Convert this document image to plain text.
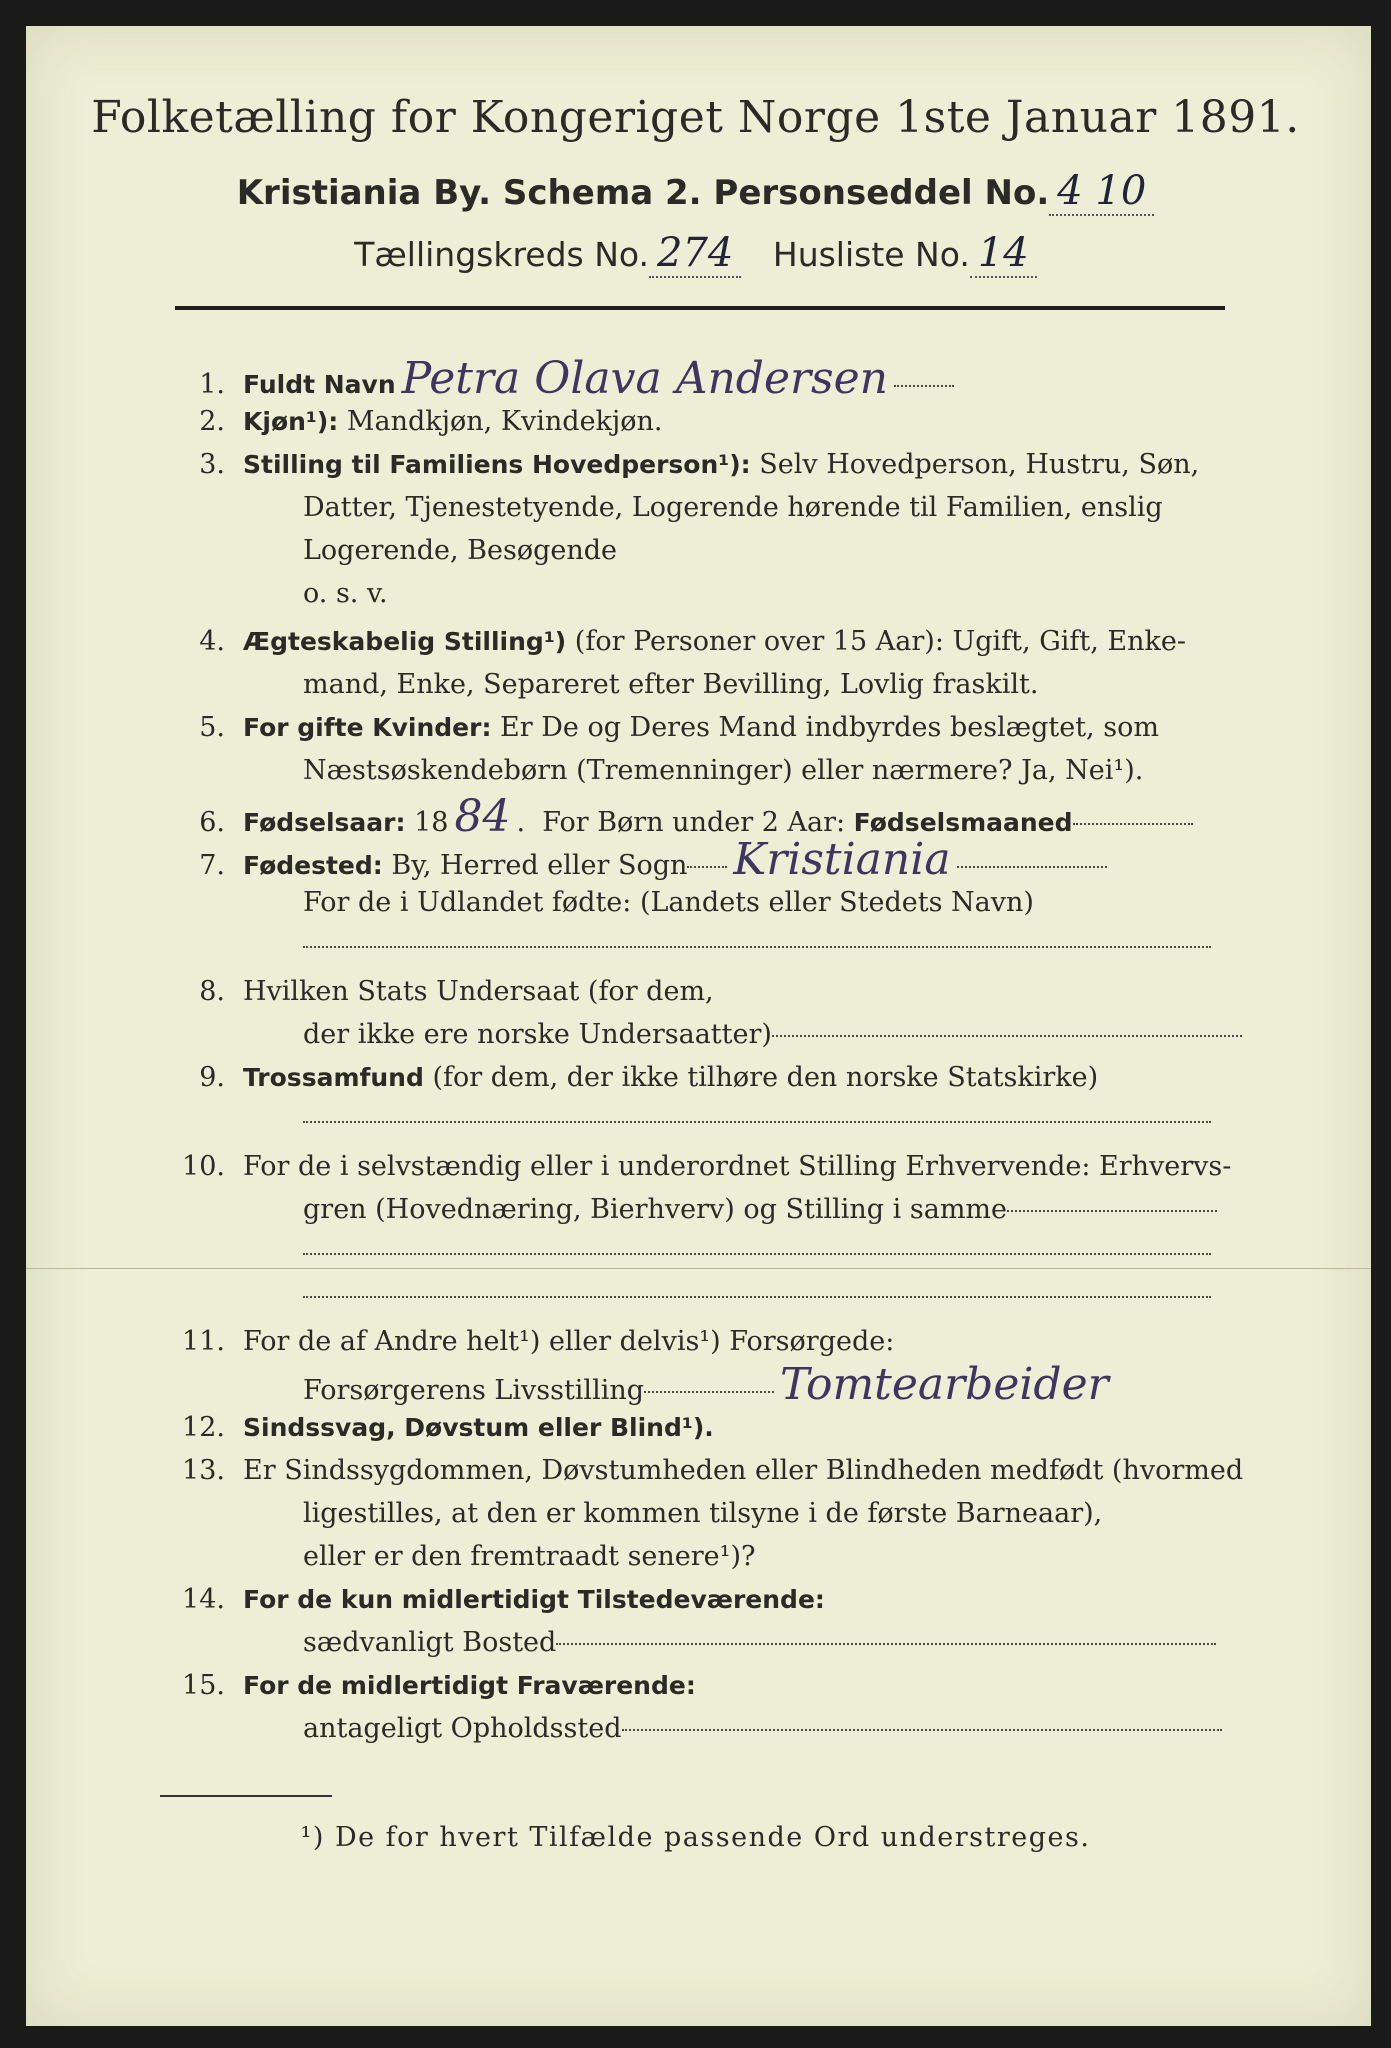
Folketælling for Kongeriget Norge 1ste Januar 1891.
Kristiania By. Schema 2. Personseddel No. 4 10
Tællingskreds No. 274 Husliste No. 14
1. Fuldt Navn Petra Olava Andersen
2. Kjøn¹): Mandkjøn, Kvindekjøn.
3. Stilling til Familiens Hovedperson¹): Selv Hovedperson, Hustru, Søn,
Datter, Tjenestetyende, Logerende hørende til Familien, enslig
Logerende, Besøgende
o. s. v.
4. Ægteskabelig Stilling¹) (for Personer over 15 Aar): Ugift, Gift, Enke-
mand, Enke, Separeret efter Bevilling, Lovlig fraskilt.
5. For gifte Kvinder: Er De og Deres Mand indbyrdes beslægtet, som
Næstsøskendebørn (Tremenninger) eller nærmere? Ja, Nei¹).
6. Fødselsaar: 18 84 .  For Børn under 2 Aar: Fødselsmaaned
7. Fødested: By, Herred eller Sogn Kristiania
For de i Udlandet fødte: (Landets eller Stedets Navn)
8. Hvilken Stats Undersaat (for dem,
der ikke ere norske Undersaatter)
9. Trossamfund (for dem, der ikke tilhøre den norske Statskirke)
10. For de i selvstændig eller i underordnet Stilling Erhvervende: Erhvervs-
gren (Hovednæring, Bierhverv) og Stilling i samme
11. For de af Andre helt¹) eller delvis¹) Forsørgede:
Forsørgerens Livsstilling	Tomtearbeider
12. Sindssvag, Døvstum eller Blind¹).
13. Er Sindssygdommen, Døvstumheden eller Blindheden medfødt (hvormed
ligestilles, at den er kommen tilsyne i de første Barneaar),
eller er den fremtraadt senere¹)?
14. For de kun midlertidigt Tilstedeværende:
sædvanligt Bosted
15. For de midlertidigt Fraværende:
antageligt Opholdssted
¹) De for hvert Tilfælde passende Ord understreges.
